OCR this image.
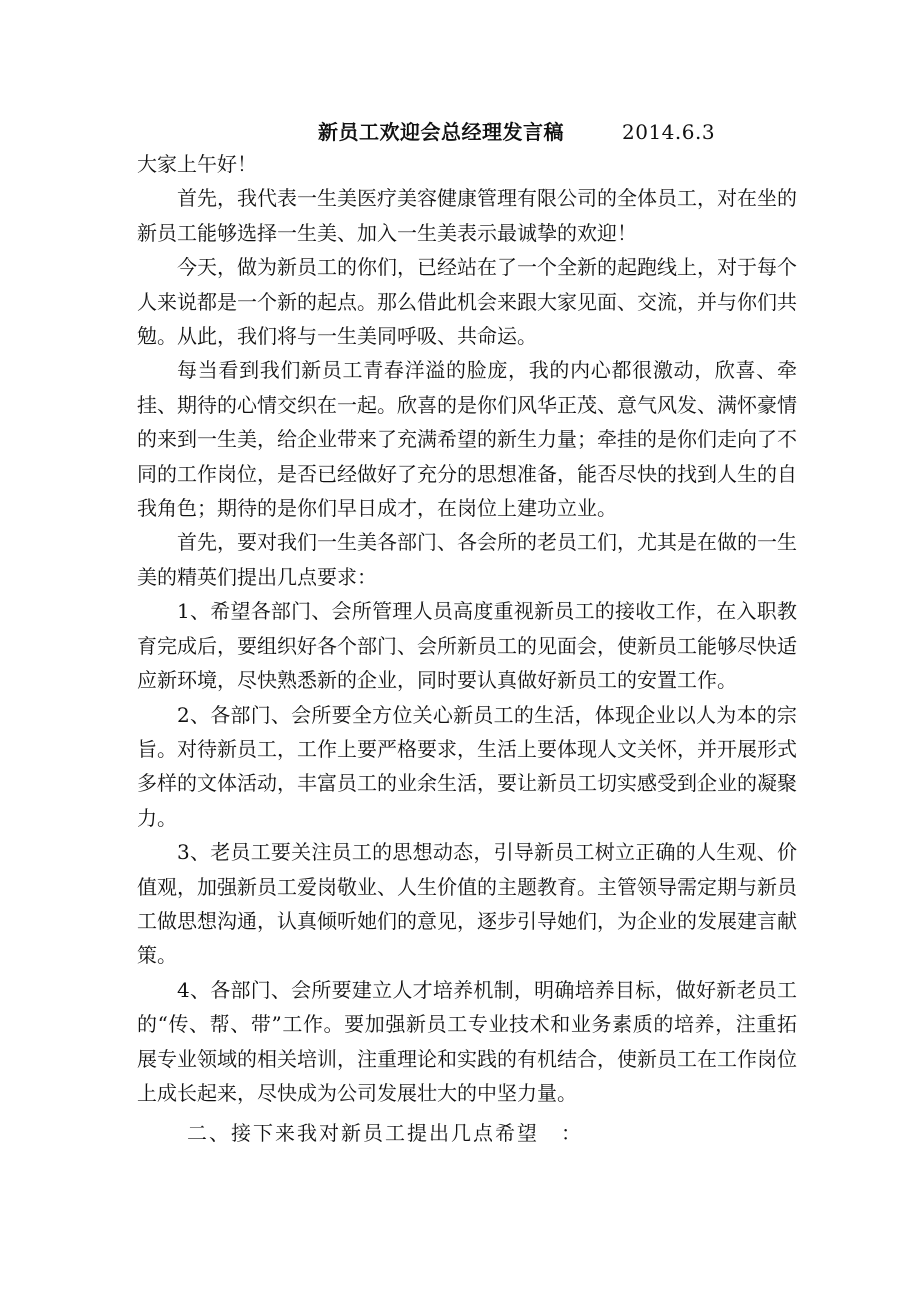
新员工欢迎会总经理发言稿	2014.6.3

大家上午好！

首先，我代表一生美医疗美容健康管理有限公司的全体员工，对在坐的新员工能够选择一生美、加入一生美表示最诚挚的欢迎！

今天，做为新员工的你们，已经站在了一个全新的起跑线上，对于每个人来说都是一个新的起点。那么借此机会来跟大家见面、交流，并与你们共勉。从此，我们将与一生美同呼吸、共命运。

每当看到我们新员工青春洋溢的脸庞，我的内心都很激动，欣喜、牵挂、期待的心情交织在一起。欣喜的是你们风华正茂、意气风发、满怀豪情的来到一生美，给企业带来了充满希望的新生力量；牵挂的是你们走向了不同的工作岗位，是否已经做好了充分的思想准备，能否尽快的找到人生的自我角色；期待的是你们早日成才，在岗位上建功立业。

首先，要对我们一生美各部门、各会所的老员工们，尤其是在做的一生美的精英们提出几点要求：

1、希望各部门、会所管理人员高度重视新员工的接收工作，在入职教育完成后，要组织好各个部门、会所新员工的见面会，使新员工能够尽快适应新环境，尽快熟悉新的企业，同时要认真做好新员工的安置工作。

2、各部门、会所要全方位关心新员工的生活，体现企业以人为本的宗旨。对待新员工，工作上要严格要求，生活上要体现人文关怀，并开展形式多样的文体活动，丰富员工的业余生活，要让新员工切实感受到企业的凝聚力。

3、老员工要关注员工的思想动态，引导新员工树立正确的人生观、价值观，加强新员工爱岗敬业、人生价值的主题教育。主管领导需定期与新员工做思想沟通，认真倾听她们的意见，逐步引导她们，为企业的发展建言献策。

4、各部门、会所要建立人才培养机制，明确培养目标，做好新老员工的“传、帮、带”工作。要加强新员工专业技术和业务素质的培养，注重拓展专业领域的相关培训，注重理论和实践的有机结合，使新员工在工作岗位上成长起来，尽快成为公司发展壮大的中坚力量。

二、接下来我对新员工提出几点希望　：
